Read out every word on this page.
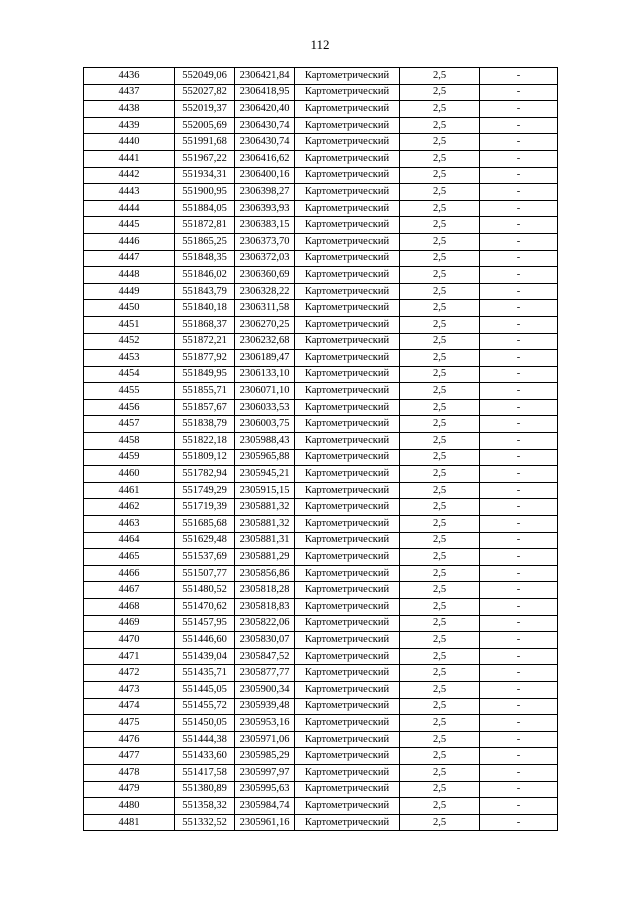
112
4436	552049,06	2306421,84	Картометрический	2,5	-
4437	552027,82	2306418,95	Картометрический	2,5	-
4438	552019,37	2306420,40	Картометрический	2,5	-
4439	552005,69	2306430,74	Картометрический	2,5	-
4440	551991,68	2306430,74	Картометрический	2,5	-
4441	551967,22	2306416,62	Картометрический	2,5	-
4442	551934,31	2306400,16	Картометрический	2,5	-
4443	551900,95	2306398,27	Картометрический	2,5	-
4444	551884,05	2306393,93	Картометрический	2,5	-
4445	551872,81	2306383,15	Картометрический	2,5	-
4446	551865,25	2306373,70	Картометрический	2,5	-
4447	551848,35	2306372,03	Картометрический	2,5	-
4448	551846,02	2306360,69	Картометрический	2,5	-
4449	551843,79	2306328,22	Картометрический	2,5	-
4450	551840,18	2306311,58	Картометрический	2,5	-
4451	551868,37	2306270,25	Картометрический	2,5	-
4452	551872,21	2306232,68	Картометрический	2,5	-
4453	551877,92	2306189,47	Картометрический	2,5	-
4454	551849,95	2306133,10	Картометрический	2,5	-
4455	551855,71	2306071,10	Картометрический	2,5	-
4456	551857,67	2306033,53	Картометрический	2,5	-
4457	551838,79	2306003,75	Картометрический	2,5	-
4458	551822,18	2305988,43	Картометрический	2,5	-
4459	551809,12	2305965,88	Картометрический	2,5	-
4460	551782,94	2305945,21	Картометрический	2,5	-
4461	551749,29	2305915,15	Картометрический	2,5	-
4462	551719,39	2305881,32	Картометрический	2,5	-
4463	551685,68	2305881,32	Картометрический	2,5	-
4464	551629,48	2305881,31	Картометрический	2,5	-
4465	551537,69	2305881,29	Картометрический	2,5	-
4466	551507,77	2305856,86	Картометрический	2,5	-
4467	551480,52	2305818,28	Картометрический	2,5	-
4468	551470,62	2305818,83	Картометрический	2,5	-
4469	551457,95	2305822,06	Картометрический	2,5	-
4470	551446,60	2305830,07	Картометрический	2,5	-
4471	551439,04	2305847,52	Картометрический	2,5	-
4472	551435,71	2305877,77	Картометрический	2,5	-
4473	551445,05	2305900,34	Картометрический	2,5	-
4474	551455,72	2305939,48	Картометрический	2,5	-
4475	551450,05	2305953,16	Картометрический	2,5	-
4476	551444,38	2305971,06	Картометрический	2,5	-
4477	551433,60	2305985,29	Картометрический	2,5	-
4478	551417,58	2305997,97	Картометрический	2,5	-
4479	551380,89	2305995,63	Картометрический	2,5	-
4480	551358,32	2305984,74	Картометрический	2,5	-
4481	551332,52	2305961,16	Картометрический	2,5	-
